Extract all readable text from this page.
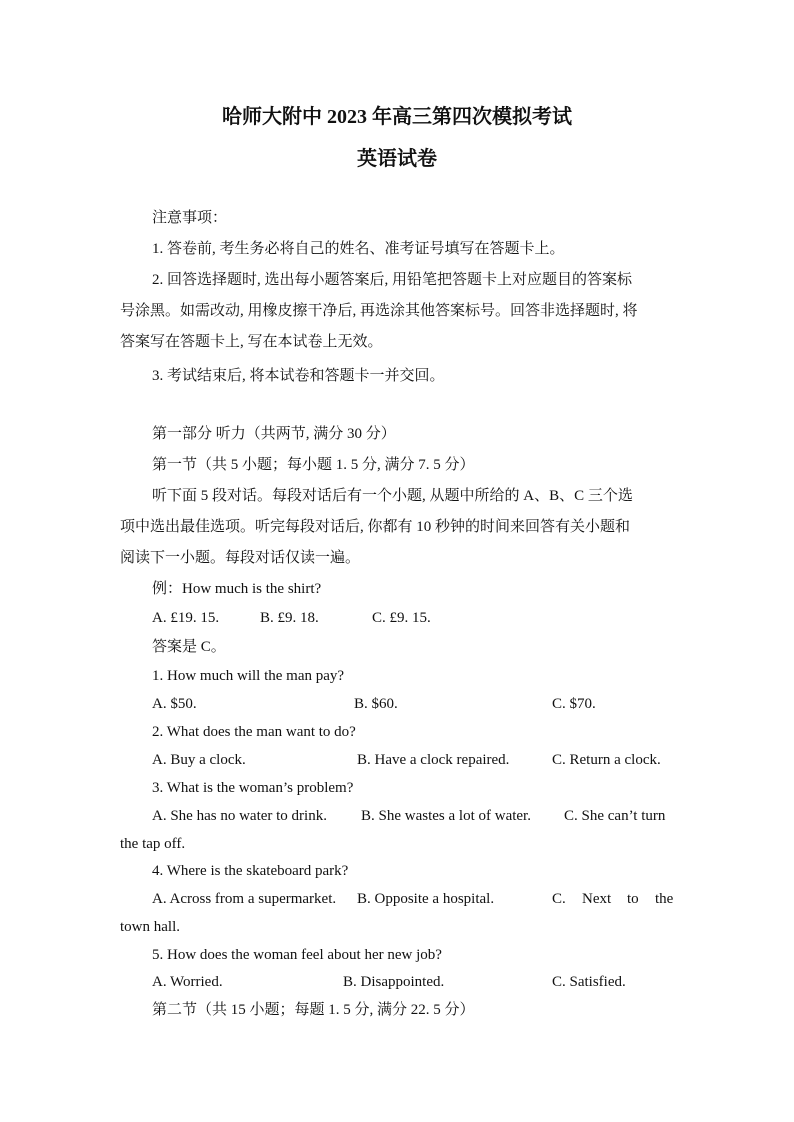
哈师大附中 2023 年高三第四次模拟考试
英语试卷
注意事项：
1. 答卷前, 考生务必将自己的姓名、准考证号填写在答题卡上。
2. 回答选择题时, 选出每小题答案后, 用铅笔把答题卡上对应题目的答案标
号涂黑。如需改动, 用橡皮擦干净后, 再选涂其他答案标号。回答非选择题时, 将
答案写在答题卡上, 写在本试卷上无效。
3. 考试结束后, 将本试卷和答题卡一并交回。
第一部分 听力（共两节, 满分 30 分）
第一节（共 5 小题；每小题 1. 5 分, 满分 7. 5 分）
听下面 5 段对话。每段对话后有一个小题, 从题中所给的 A、B、C 三个选
项中选出最佳选项。听完每段对话后, 你都有 10 秒钟的时间来回答有关小题和
阅读下一小题。每段对话仅读一遍。
例：How much is the shirt?
A. £19. 15.	B. £9. 18.	C. £9. 15.
答案是 C。
1. How much will the man pay?
A. $50.	B. $60.	C. $70.
2. What does the man want to do?
A. Buy a clock.	B. Have a clock repaired.	C. Return a clock.
3. What is the woman’s problem?
A. She has no water to drink. B. She wastes a lot of water. C. She can’t turn
the tap off.
4. Where is the skateboard park?
A. Across from a supermarket. B. Opposite a hospital.	C. Next to the
town hall.
5. How does the woman feel about her new job?
A. Worried.	B. Disappointed.	C. Satisfied.
第二节（共 15 小题；每题 1. 5 分, 满分 22. 5 分）
